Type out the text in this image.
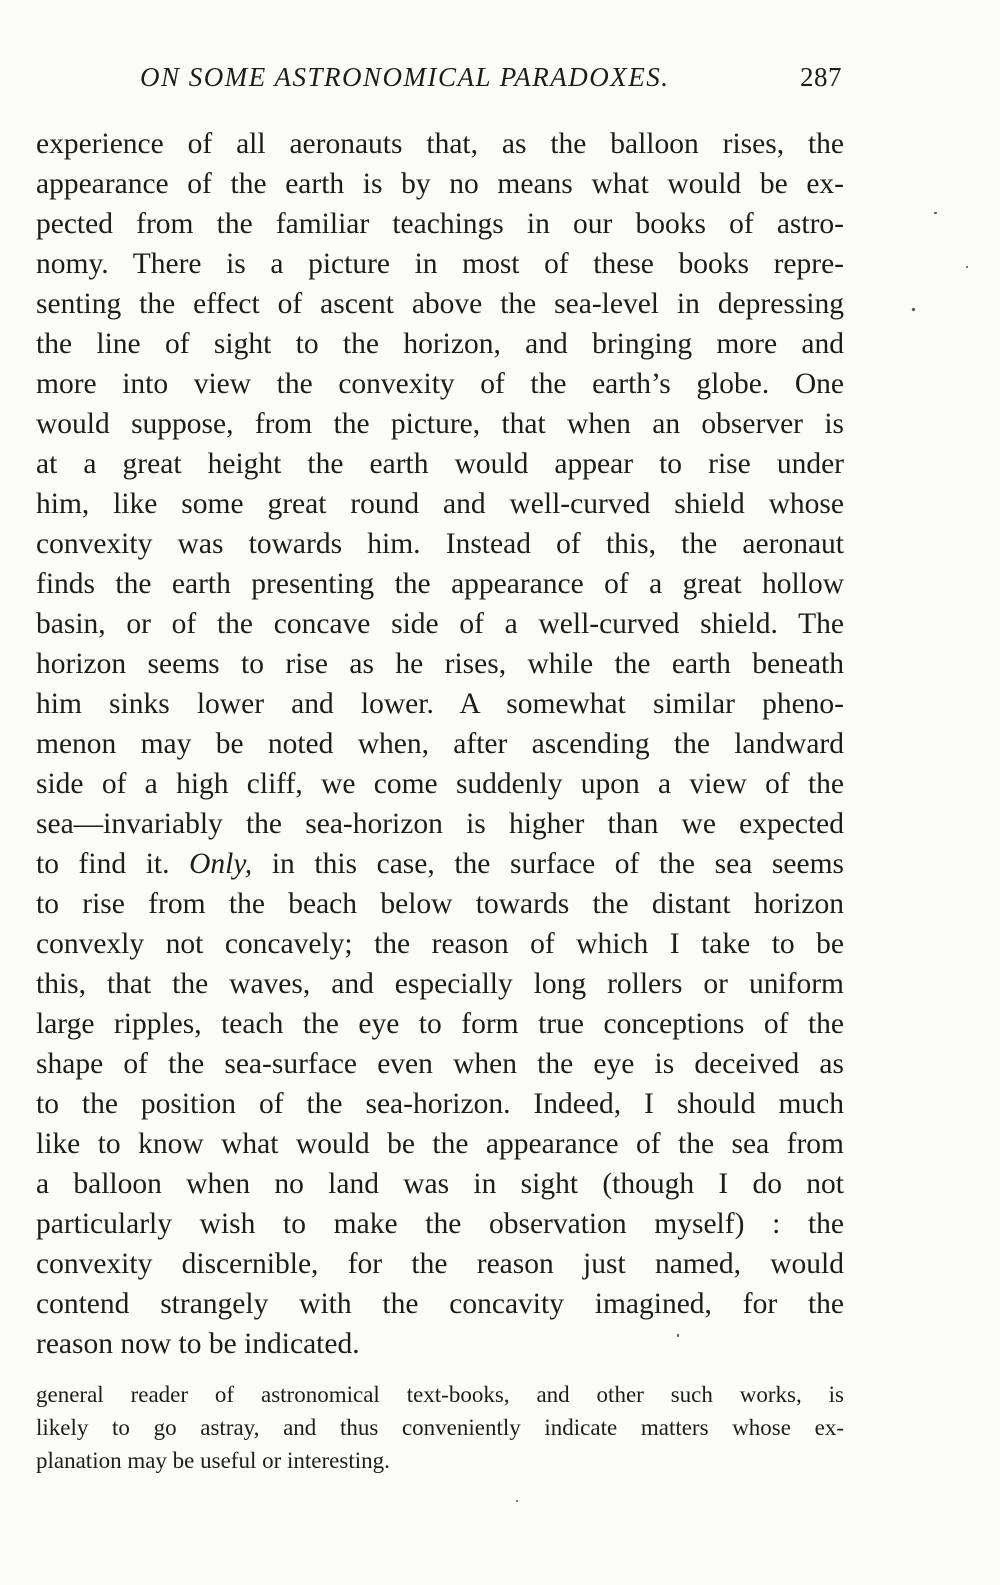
ON SOME ASTRONOMICAL PARADOXES.	287
experience of all aeronauts that, as the balloon rises, the
appearance of the earth is by no means what would be ex-
pected from the familiar teachings in our books of astro-
nomy. There is a picture in most of these books repre-
senting the effect of ascent above the sea-level in depressing
the line of sight to the horizon, and bringing more and
more into view the convexity of the earth’s globe. One
would suppose, from the picture, that when an observer is
at a great height the earth would appear to rise under
him, like some great round and well-curved shield whose
convexity was towards him. Instead of this, the aeronaut
finds the earth presenting the appearance of a great hollow
basin, or of the concave side of a well-curved shield. The
horizon seems to rise as he rises, while the earth beneath
him sinks lower and lower. A somewhat similar pheno-
menon may be noted when, after ascending the landward
side of a high cliff, we come suddenly upon a view of the
sea—invariably the sea-horizon is higher than we expected
to find it. Only, in this case, the surface of the sea seems
to rise from the beach below towards the distant horizon
convexly not concavely; the reason of which I take to be
this, that the waves, and especially long rollers or uniform
large ripples, teach the eye to form true conceptions of the
shape of the sea-surface even when the eye is deceived as
to the position of the sea-horizon. Indeed, I should much
like to know what would be the appearance of the sea from
a balloon when no land was in sight (though I do not
particularly wish to make the observation myself) : the
convexity discernible, for the reason just named, would
contend strangely with the concavity imagined, for the
reason now to be indicated.
general reader of astronomical text-books, and other such works, is
likely to go astray, and thus conveniently indicate matters whose ex-
planation may be useful or interesting.
